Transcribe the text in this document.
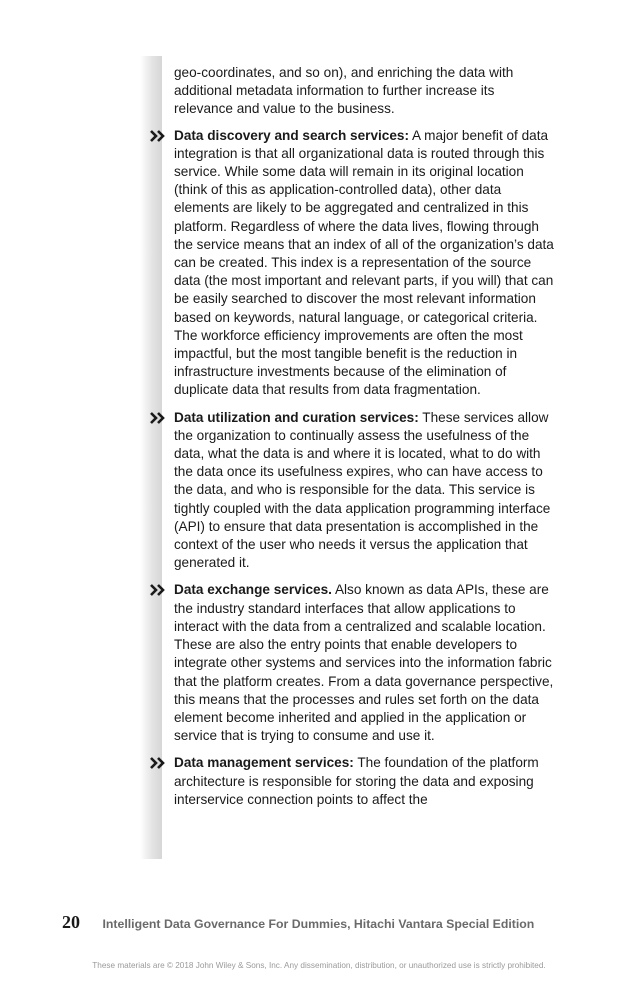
geo-coordinates, and so on), and enriching the data with additional metadata information to further increase its relevance and value to the business.

Data discovery and search services: A major benefit of data integration is that all organizational data is routed through this service. While some data will remain in its original location (think of this as application-controlled data), other data elements are likely to be aggregated and centralized in this platform. Regardless of where the data lives, flowing through the service means that an index of all of the organization’s data can be created. This index is a representation of the source data (the most important and relevant parts, if you will) that can be easily searched to discover the most relevant information based on keywords, natural language, or categorical criteria. The workforce efficiency improvements are often the most impactful, but the most tangible benefit is the reduction in infrastructure investments because of the elimination of duplicate data that results from data fragmentation.
Data utilization and curation services: These services allow the organization to continually assess the usefulness of the data, what the data is and where it is located, what to do with the data once its usefulness expires, who can have access to the data, and who is responsible for the data. This service is tightly coupled with the data application programming interface (API) to ensure that data presentation is accomplished in the context of the user who needs it versus the application that generated it.
Data exchange services. Also known as data APIs, these are the industry standard interfaces that allow applications to interact with the data from a centralized and scalable location. These are also the entry points that enable developers to integrate other systems and services into the information fabric that the platform creates. From a data governance perspective, this means that the processes and rules set forth on the data element become inherited and applied in the application or service that is trying to consume and use it.
Data management services: The foundation of the platform architecture is responsible for storing the data and exposing interservice connection points to affect the
20 Intelligent Data Governance For Dummies, Hitachi Vantara Special Edition
These materials are © 2018 John Wiley & Sons, Inc. Any dissemination, distribution, or unauthorized use is strictly prohibited.
